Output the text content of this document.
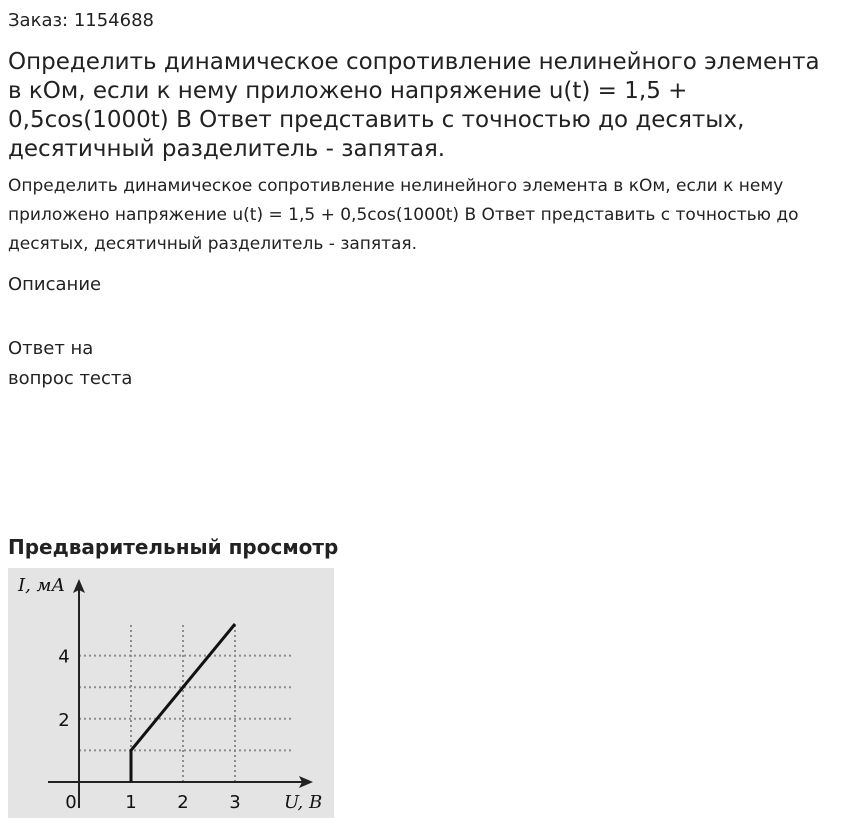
Заказ: 1154688
Определить динамическое сопротивление нелинейного элемента в кОм, если к нему приложено напряжение u(t) = 1,5 + 0,5cos(1000t) В Ответ представить с точностью до десятых, десятичный разделитель - запятая.

Определить динамическое сопротивление нелинейного элемента в кОм, если к нему приложено напряжение u(t) = 1,5 + 0,5cos(1000t) В Ответ представить с точностью до десятых, десятичный разделитель - запятая.

Описание
Ответ на
вопрос теста
Предварительный просмотр
0	1 2 3
2
4
I, мА
U, В
